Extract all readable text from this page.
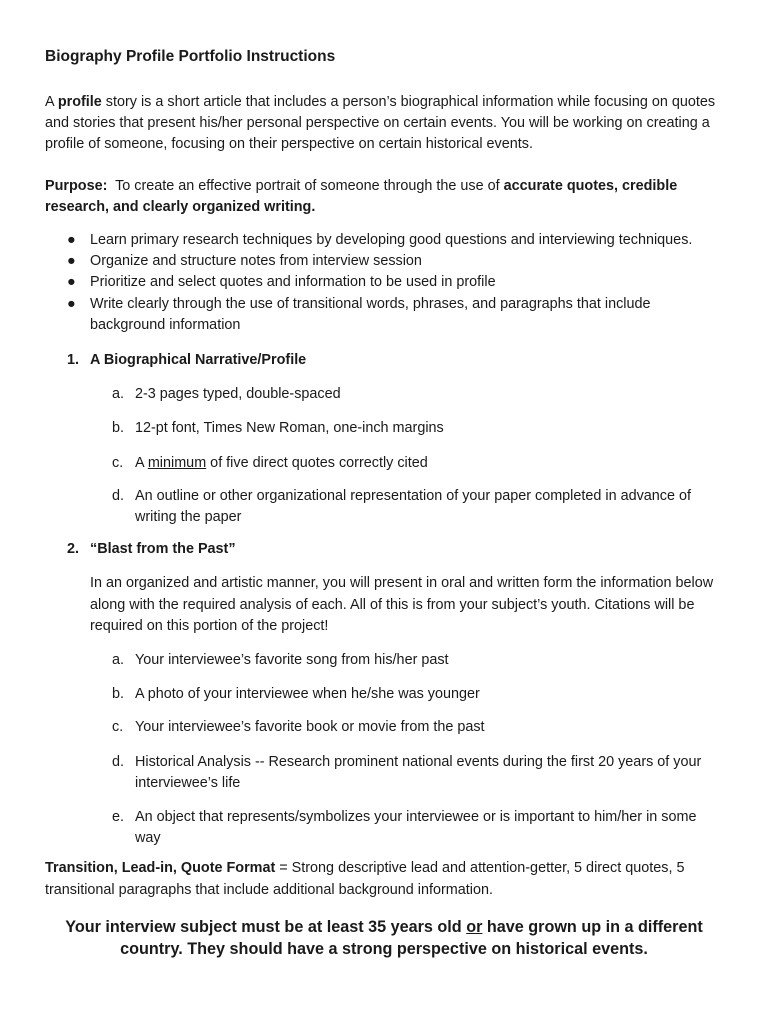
Biography Profile Portfolio Instructions

A profile story is a short article that includes a person’s biographical information while focusing on quotes and stories that present his/her personal perspective on certain events. You will be working on creating a profile of someone, focusing on their perspective on certain historical events.

Purpose:  To create an effective portrait of someone through the use of accurate quotes, credible research, and clearly organized writing.

● Learn primary research techniques by developing good questions and interviewing techniques.
● Organize and structure notes from interview session
● Prioritize and select quotes and information to be used in profile
● Write clearly through the use of transitional words, phrases, and paragraphs that include background information
1. A Biographical Narrative/Profile
a. 2-3 pages typed, double-spaced
b. 12-pt font, Times New Roman, one-inch margins
c. A minimum of five direct quotes correctly cited
d. An outline or other organizational representation of your paper completed in advance of writing the paper
2. “Blast from the Past”

In an organized and artistic manner, you will present in oral and written form the information below along with the required analysis of each. All of this is from your subject’s youth. Citations will be required on this portion of the project!

a. Your interviewee’s favorite song from his/her past
b. A photo of your interviewee when he/she was younger
c. Your interviewee’s favorite book or movie from the past
d. Historical Analysis -- Research prominent national events during the first 20 years of your interviewee’s life
e. An object that represents/symbolizes your interviewee or is important to him/her in some way

Transition, Lead-in, Quote Format = Strong descriptive lead and attention-getter, 5 direct quotes, 5 transitional paragraphs that include additional background information.

Your interview subject must be at least 35 years old or have grown up in a different country. They should have a strong perspective on historical events.
